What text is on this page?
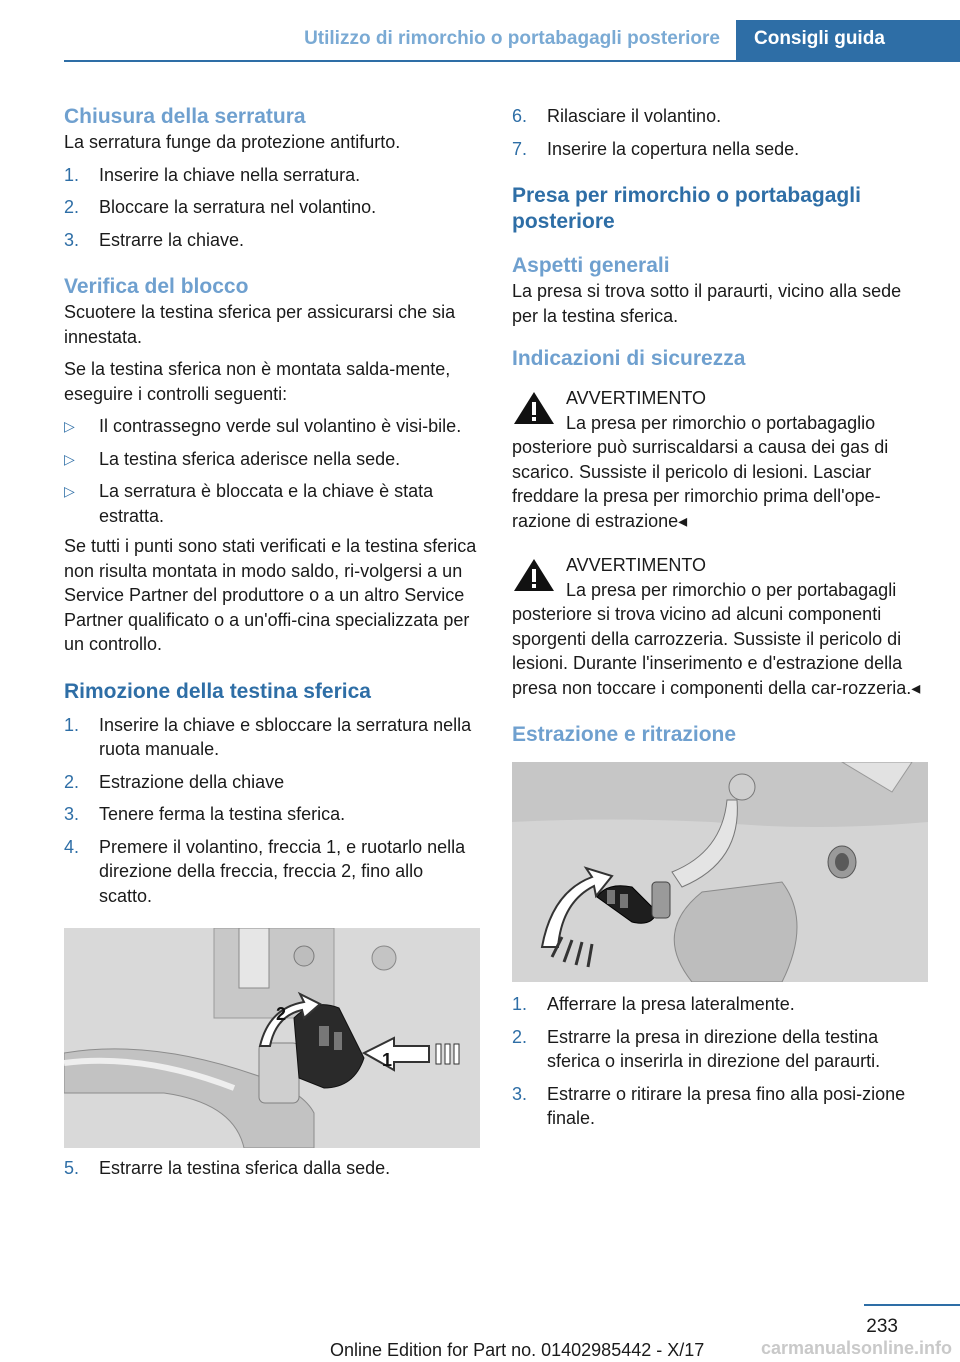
Utilizzo di rimorchio o portabagagli posteriore	Consigli guida
Chiusura della serratura

La serratura funge da protezione antifurto.

1. Inserire la chiave nella serratura.
2. Bloccare la serratura nel volantino.
3. Estrarre la chiave.
Verifica del blocco

Scuotere la testina sferica per assicurarsi che sia innestata.

Se la testina sferica non è montata salda-mente, eseguire i controlli seguenti:

▷ Il contrassegno verde sul volantino è visi-bile.
▷ La testina sferica aderisce nella sede.
▷ La serratura è bloccata e la chiave è stata estratta.

Se tutti i punti sono stati verificati e la testina sferica non risulta montata in modo saldo, ri-volgersi a un Service Partner del produttore o a un altro Service Partner qualificato o a un'offi-cina specializzata per un controllo.

Rimozione della testina sferica
1. Inserire la chiave e sbloccare la serratura nella ruota manuale.
2. Estrazione della chiave
3. Tenere ferma la testina sferica.
4. Premere il volantino, freccia 1, e ruotarlo nella direzione della freccia, freccia 2, fino allo scatto.
1
2
5. Estrarre la testina sferica dalla sede.
6. Rilasciare il volantino.
7. Inserire la copertura nella sede.
Presa per rimorchio o portabagagli posteriore
Aspetti generali

La presa si trova sotto il paraurti, vicino alla sede per la testina sferica.

Indicazioni di sicurezza
AVVERTIMENTO
La presa per rimorchio o portabagaglio
posteriore può surriscaldarsi a causa dei gas di scarico. Sussiste il pericolo di lesioni. Lasciar freddare la presa per rimorchio prima dell'ope-razione di estrazione◂
AVVERTIMENTO
La presa per rimorchio o per portabagagli
posteriore si trova vicino ad alcuni componenti sporgenti della carrozzeria. Sussiste il pericolo di lesioni. Durante l'inserimento e d'estrazione della presa non toccare i componenti della car-rozzeria.◂
Estrazione e ritrazione
1. Afferrare la presa lateralmente.
2. Estrarre la presa in direzione della testina sferica o inserirla in direzione del paraurti.
3. Estrarre o ritirare la presa fino alla posi-zione finale.
233
Online Edition for Part no. 01402985442 - X/17	carmanualsonline.info
